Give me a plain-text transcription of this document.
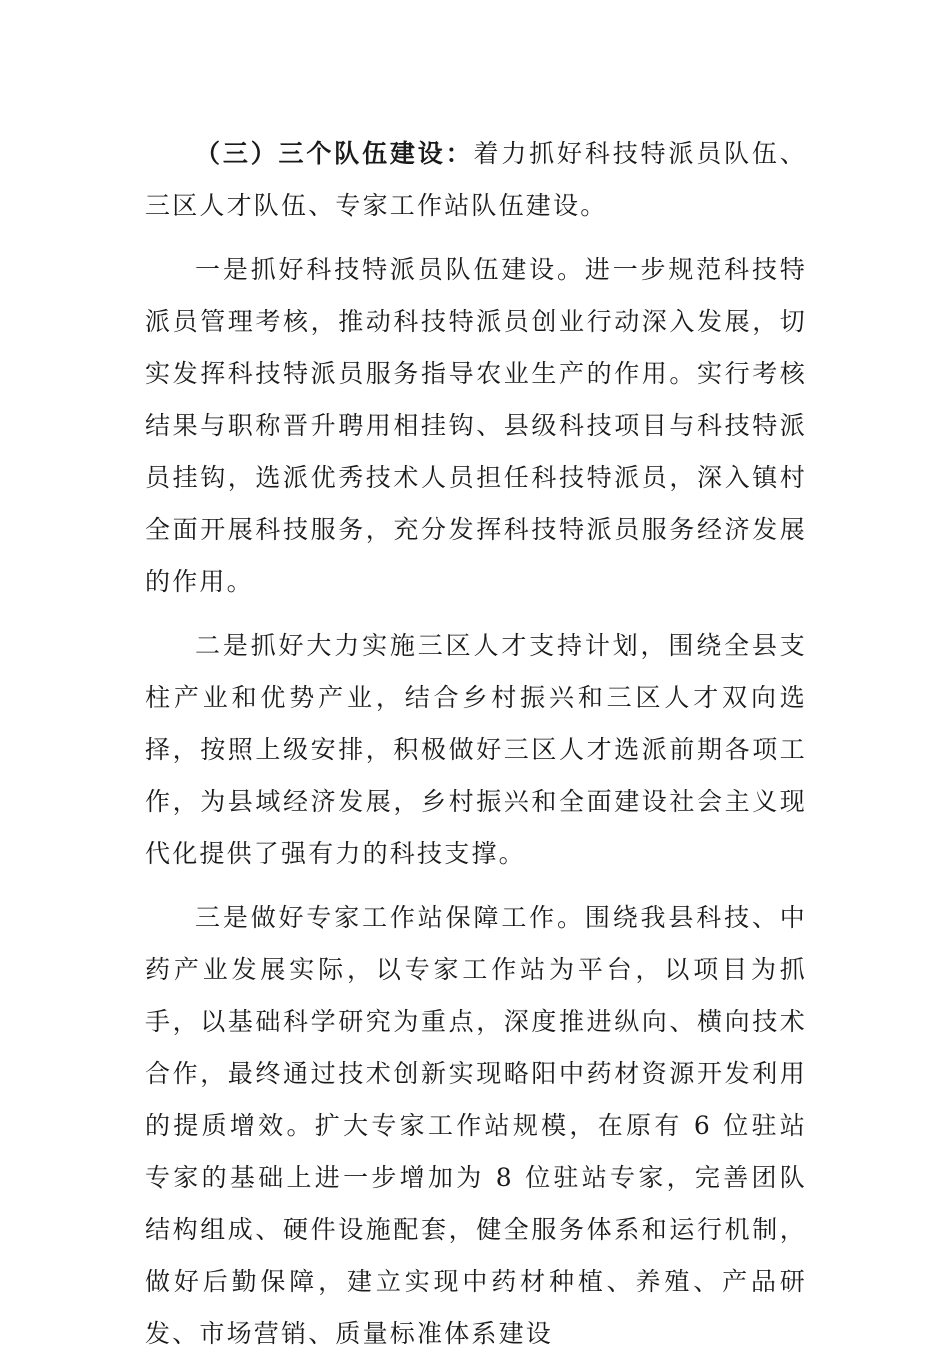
（三）三个队伍建设：着力抓好科技特派员队伍、三区人才队伍、专家工作站队伍建设。

一是抓好科技特派员队伍建设。进一步规范科技特派员管理考核，推动科技特派员创业行动深入发展，切实发挥科技特派员服务指导农业生产的作用。实行考核结果与职称晋升聘用相挂钩、县级科技项目与科技特派员挂钩，选派优秀技术人员担任科技特派员，深入镇村全面开展科技服务，充分发挥科技特派员服务经济发展的作用。

二是抓好大力实施三区人才支持计划，围绕全县支柱产业和优势产业，结合乡村振兴和三区人才双向选择，按照上级安排，积极做好三区人才选派前期各项工作，为县域经济发展，乡村振兴和全面建设社会主义现代化提供了强有力的科技支撑。

三是做好专家工作站保障工作。围绕我县科技、中药产业发展实际，以专家工作站为平台，以项目为抓手，以基础科学研究为重点，深度推进纵向、横向技术合作，最终通过技术创新实现略阳中药材资源开发利用的提质增效。扩大专家工作站规模，在原有 6 位驻站专家的基础上进一步增加为 8 位驻站专家，完善团队结构组成、硬件设施配套，健全服务体系和运行机制，做好后勤保障，建立实现中药材种植、养殖、产品研发、市场营销、质量标准体系建设
